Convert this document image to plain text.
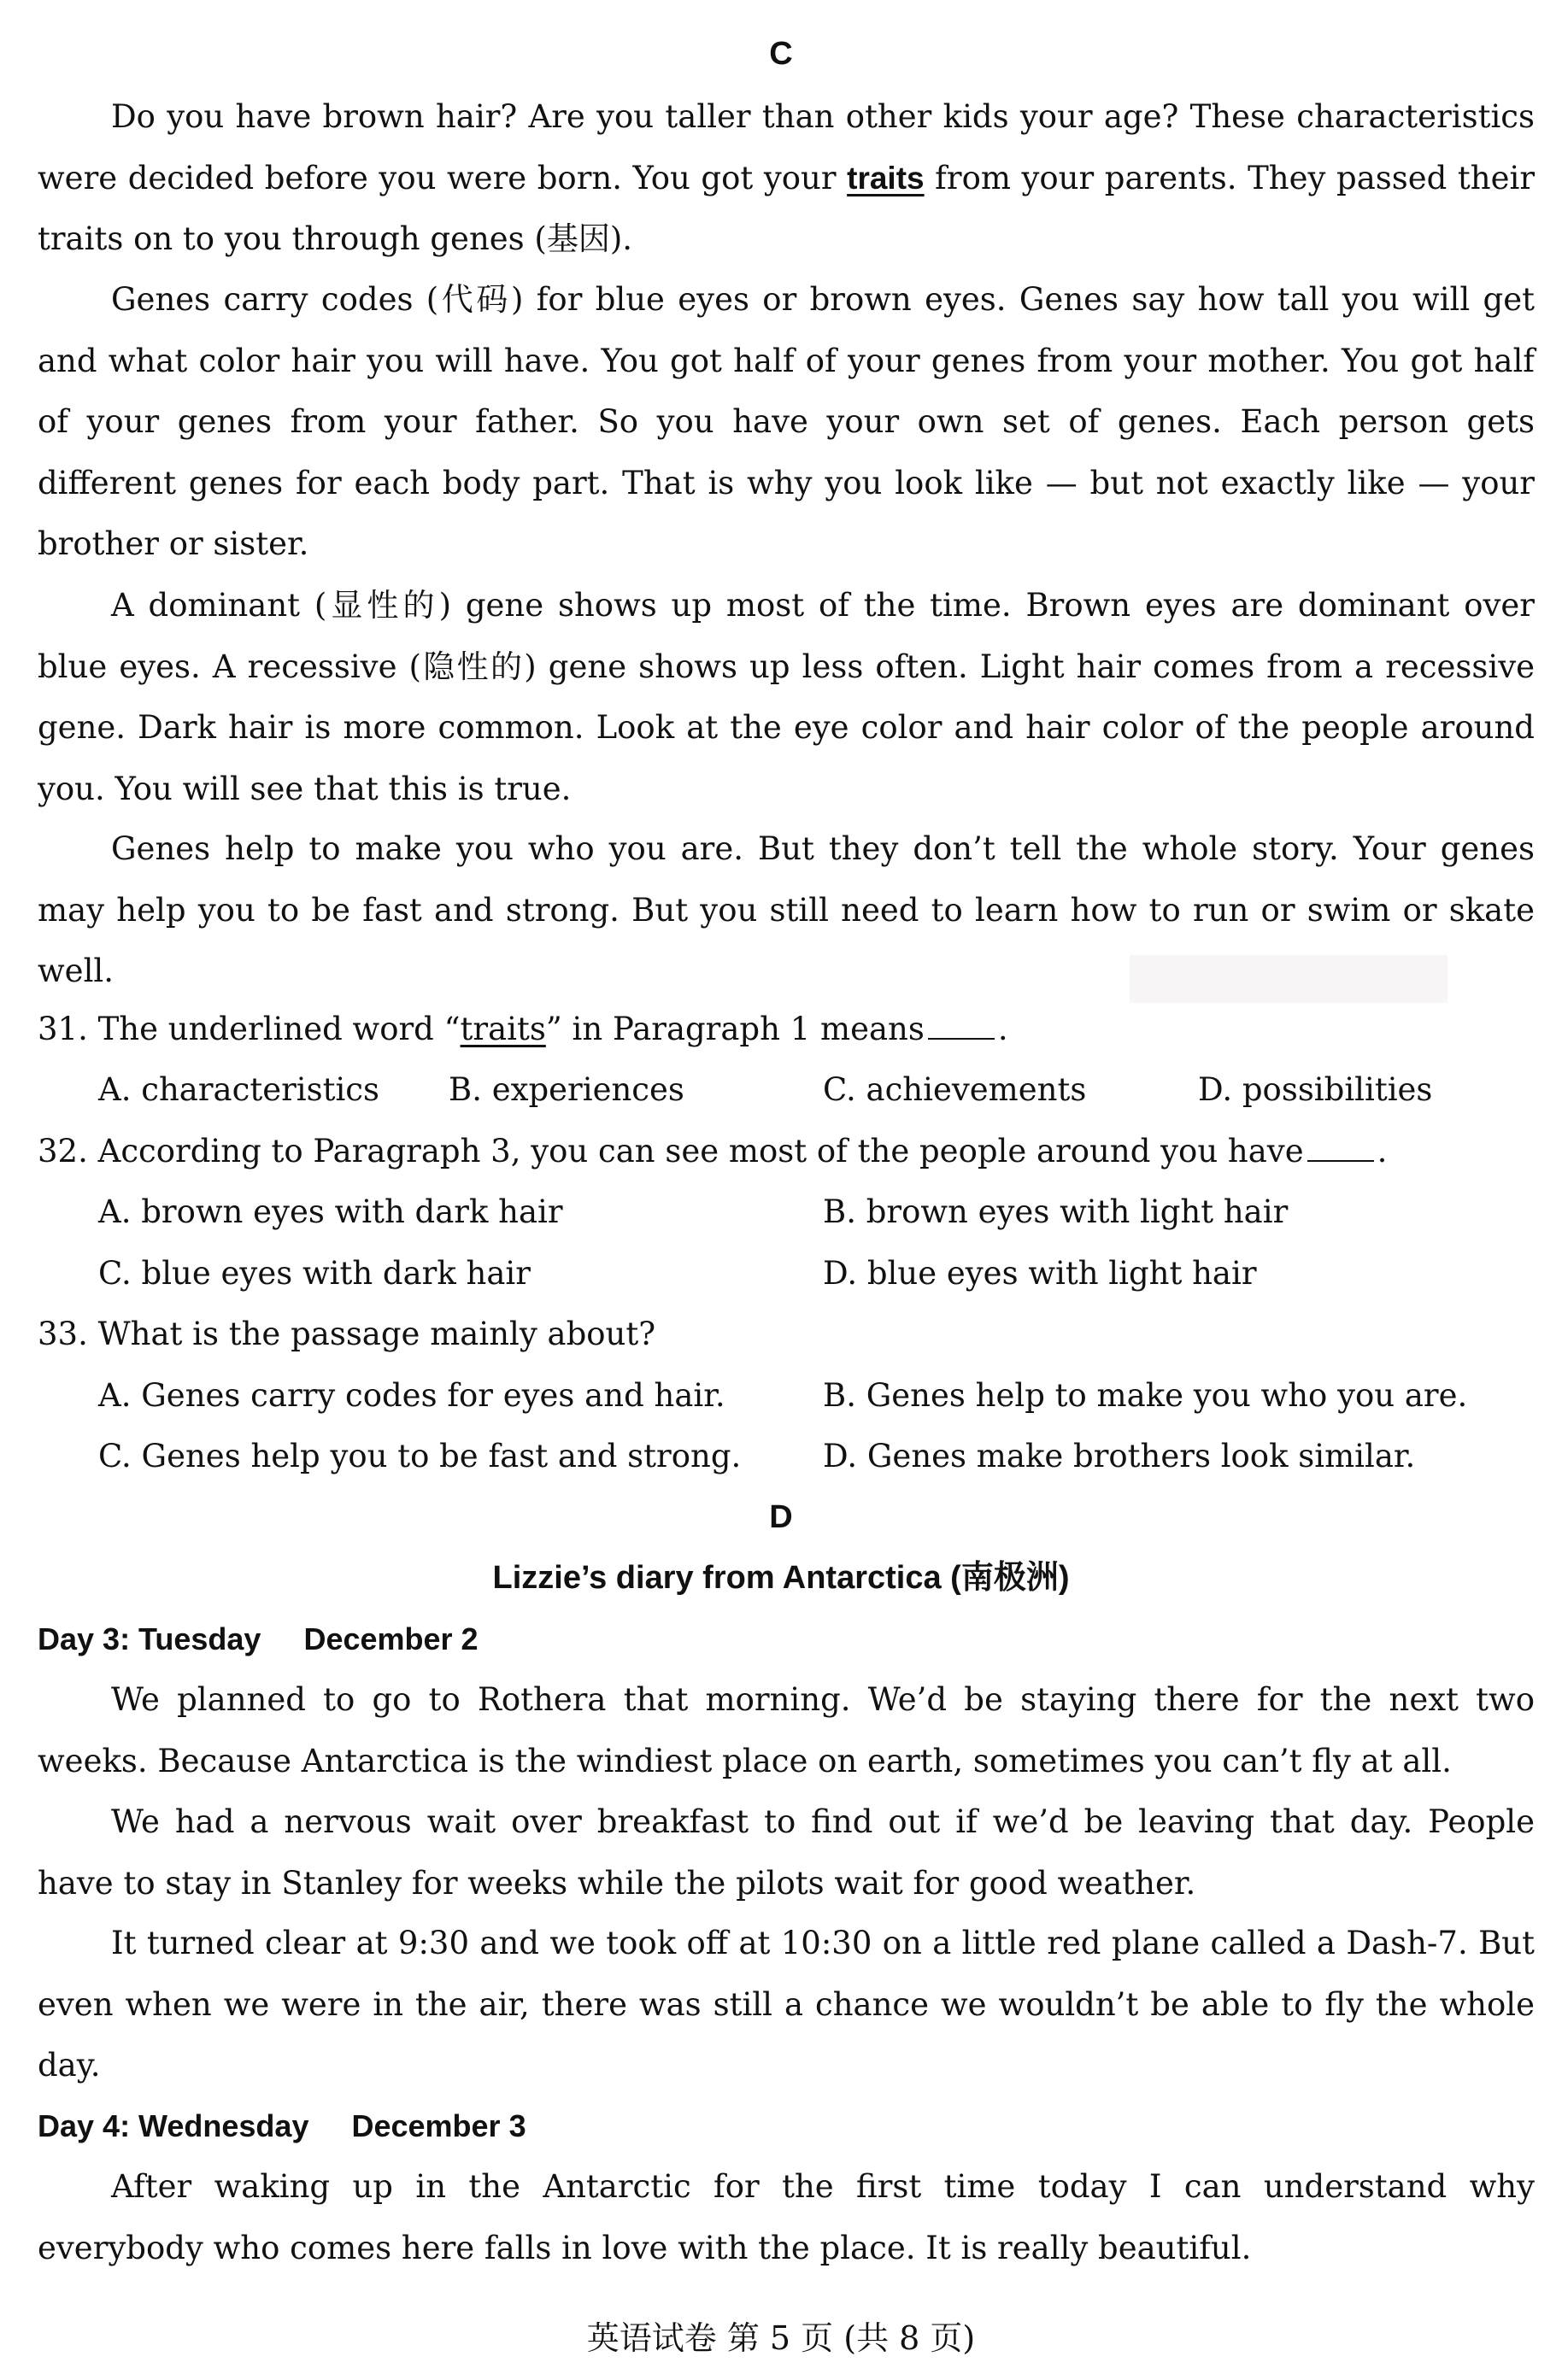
C

Do you have brown hair? Are you taller than other kids your age? These characteristics were decided before you were born. You got your traits from your parents. They passed their traits on to you through genes (基因).

Genes carry codes (代码) for blue eyes or brown eyes. Genes say how tall you will get and what color hair you will have. You got half of your genes from your mother. You got half of your genes from your father. So you have your own set of genes. Each person gets different genes for each body part. That is why you look like — but not exactly like — your brother or sister.

A dominant (显性的) gene shows up most of the time. Brown eyes are dominant over blue eyes. A recessive (隐性的) gene shows up less often. Light hair comes from a recessive gene. Dark hair is more common. Look at the eye color and hair color of the people around you. You will see that this is true.

Genes help to make you who you are. But they don’t tell the whole story. Your genes may help you to be fast and strong. But you still need to learn how to run or swim or skate well.

31. The underlined word “traits” in Paragraph 1 means .

A. characteristics B. experiences	C. achievements	D. possibilities

32. According to Paragraph 3, you can see most of the people around you have .

A. brown eyes with dark hair	B. brown eyes with light hair

C. blue eyes with dark hair	D. blue eyes with light hair

33. What is the passage mainly about?

A. Genes carry codes for eyes and hair.	B. Genes help to make you who you are.

C. Genes help you to be fast and strong.	D. Genes make brothers look similar.

D

Lizzie’s diary from Antarctica (南极洲)

Day 3: Tuesday     December 2

We planned to go to Rothera that morning. We’d be staying there for the next two weeks. Because Antarctica is the windiest place on earth, sometimes you can’t fly at all.

We had a nervous wait over breakfast to find out if we’d be leaving that day. People have to stay in Stanley for weeks while the pilots wait for good weather.

It turned clear at 9:30 and we took off at 10:30 on a little red plane called a Dash-7. But even when we were in the air, there was still a chance we wouldn’t be able to fly the whole day.

Day 4: Wednesday     December 3

After waking up in the Antarctic for the first time today I can understand why everybody who comes here falls in love with the place. It is really beautiful.

英语试卷 第 5 页 (共 8 页)
